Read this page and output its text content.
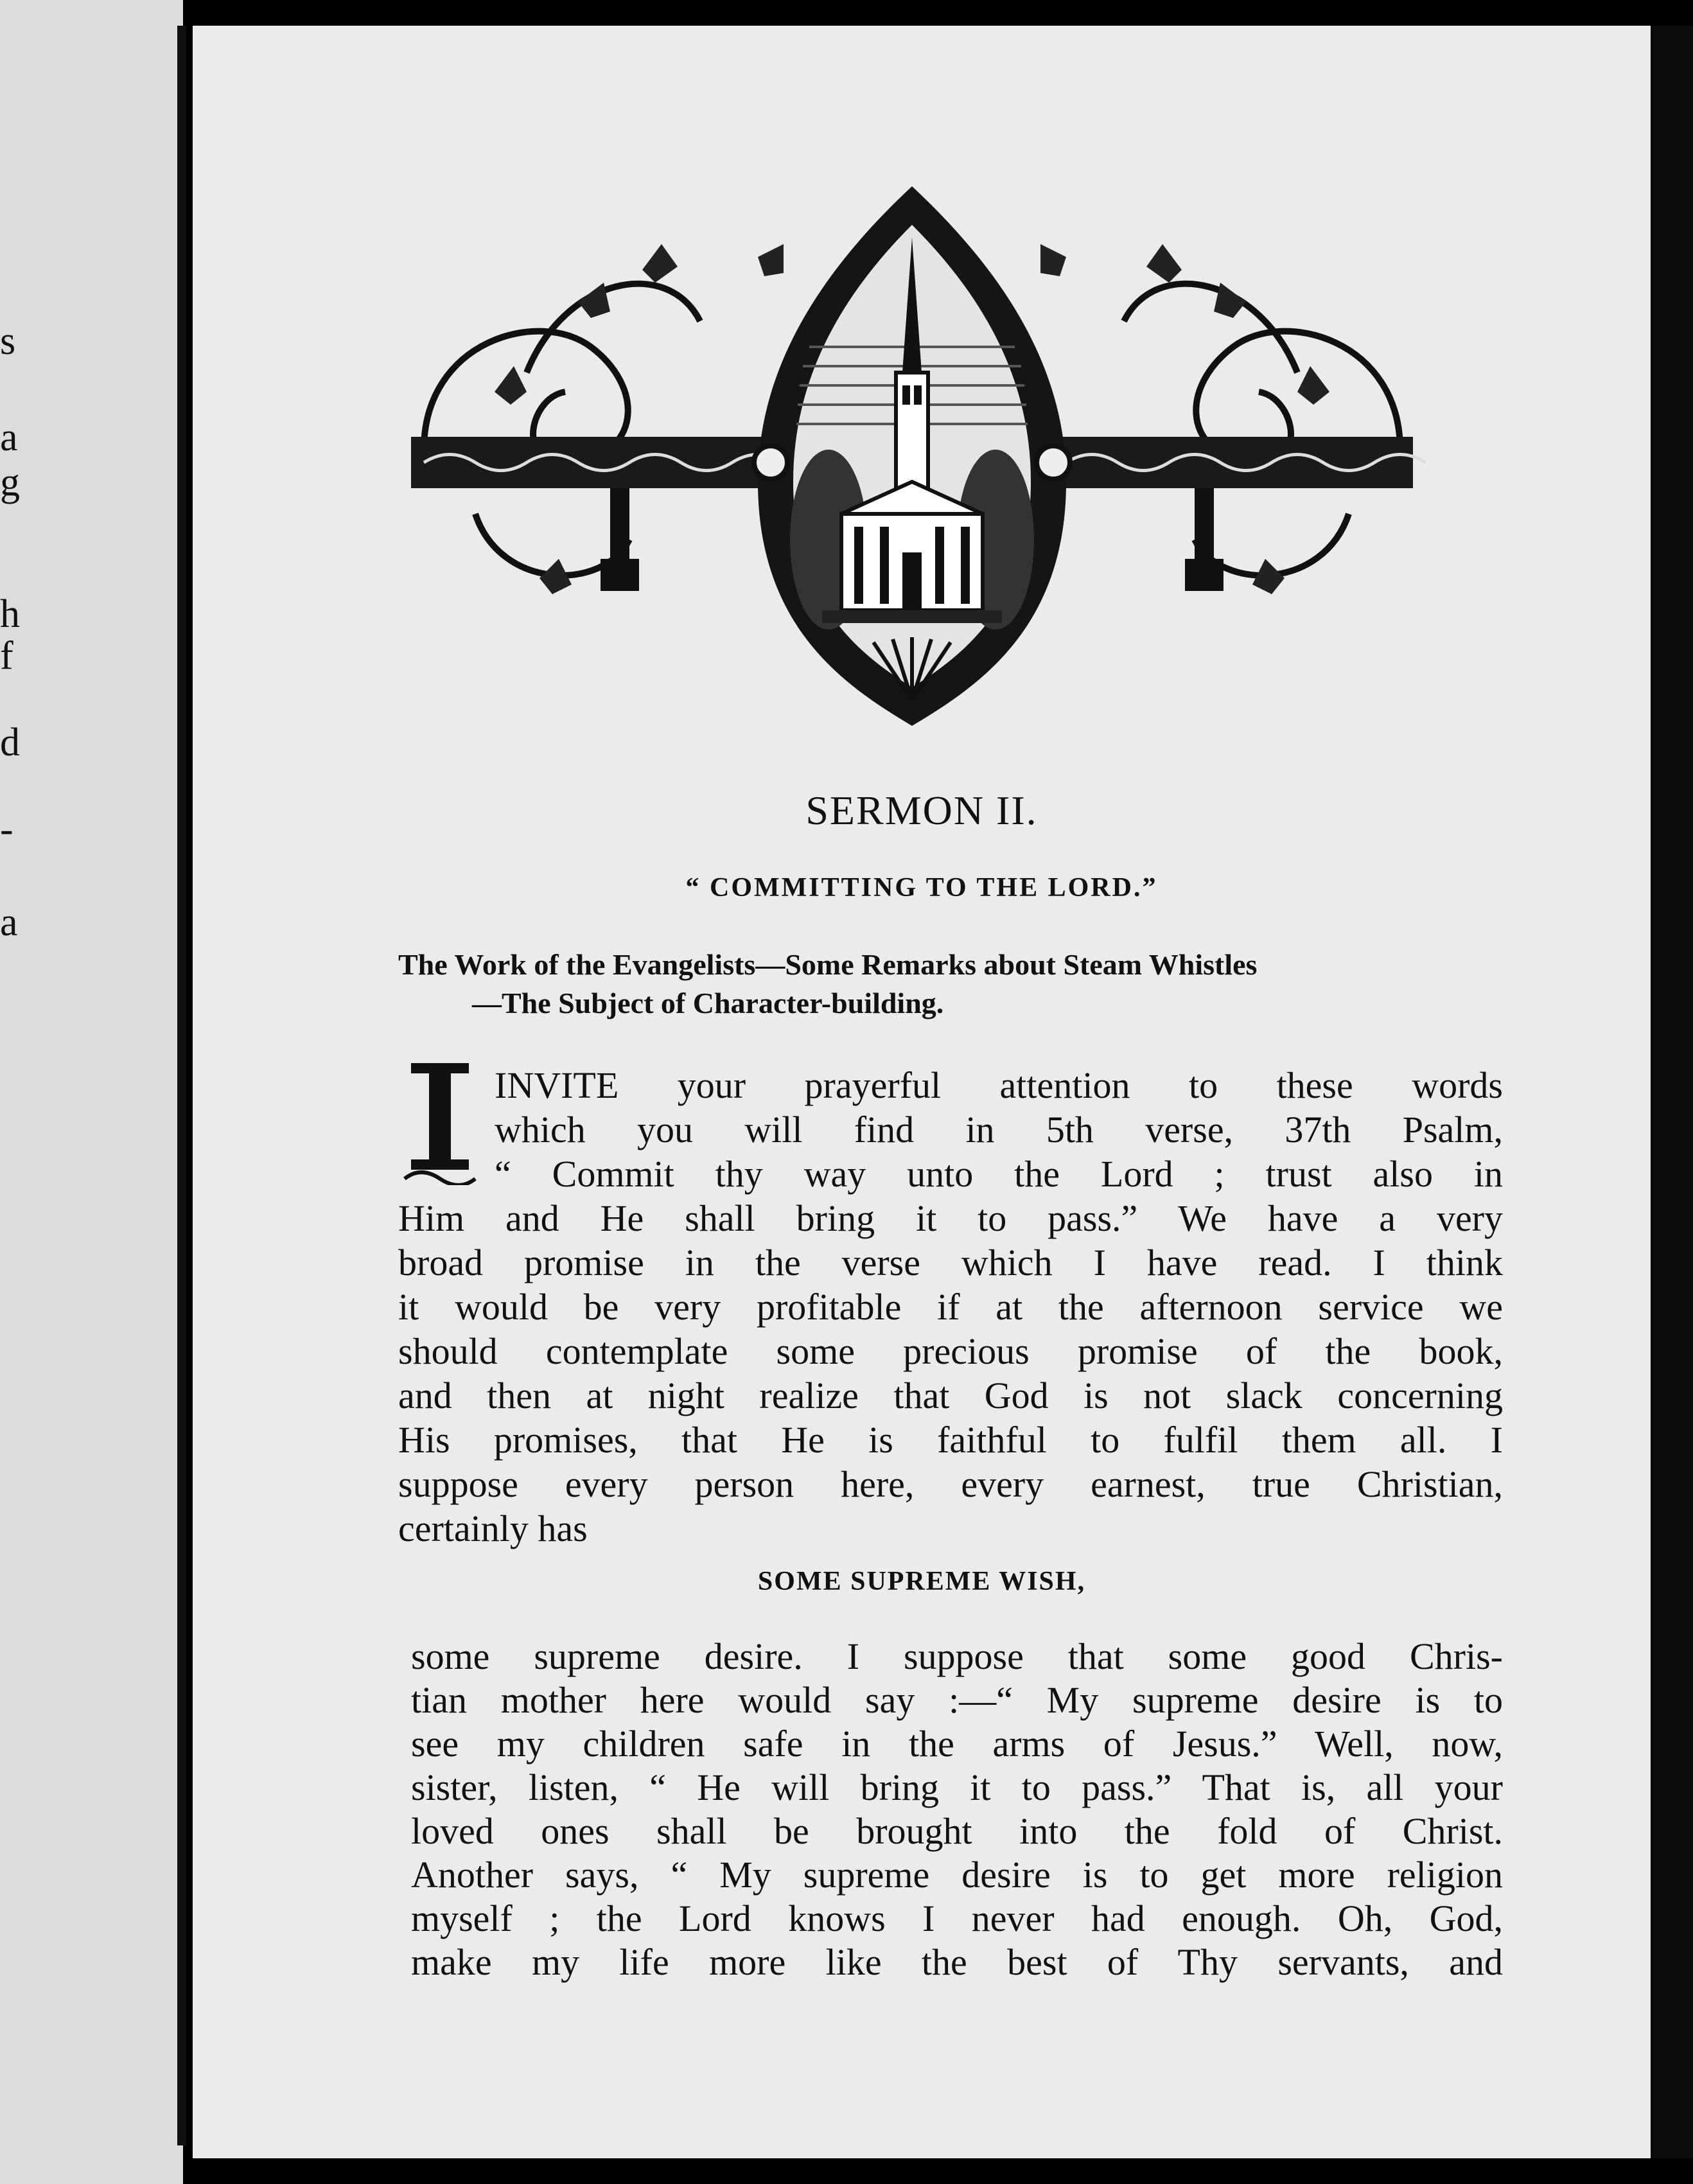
s
a
g
h
f
d
-
a
SERMON II.
“ COMMITTING TO THE LORD.”
The Work of the Evangelists—Some Remarks about Steam Whistles
—The Subject of Character-building.
INVITE your prayerful attention to these words
which you will find in 5th verse, 37th Psalm,
“ Commit thy way unto the Lord ; trust also in
Him and He shall bring it to pass.” We have a very
broad promise in the verse which I have read. I think
it would be very profitable if at the afternoon service we
should contemplate some precious promise of the book,
and then at night realize that God is not slack concerning
His promises, that He is faithful to fulfil them all. I
suppose every person here, every earnest, true Christian,
certainly has
SOME SUPREME WISH,
some supreme desire. I suppose that some good Chris-
tian mother here would say :—“ My supreme desire is to
see my children safe in the arms of Jesus.” Well, now,
sister, listen, “ He will bring it to pass.” That is, all your
loved ones shall be brought into the fold of Christ.
Another says, “ My supreme desire is to get more religion
myself ; the Lord knows I never had enough. Oh, God,
make my life more like the best of Thy servants, and
